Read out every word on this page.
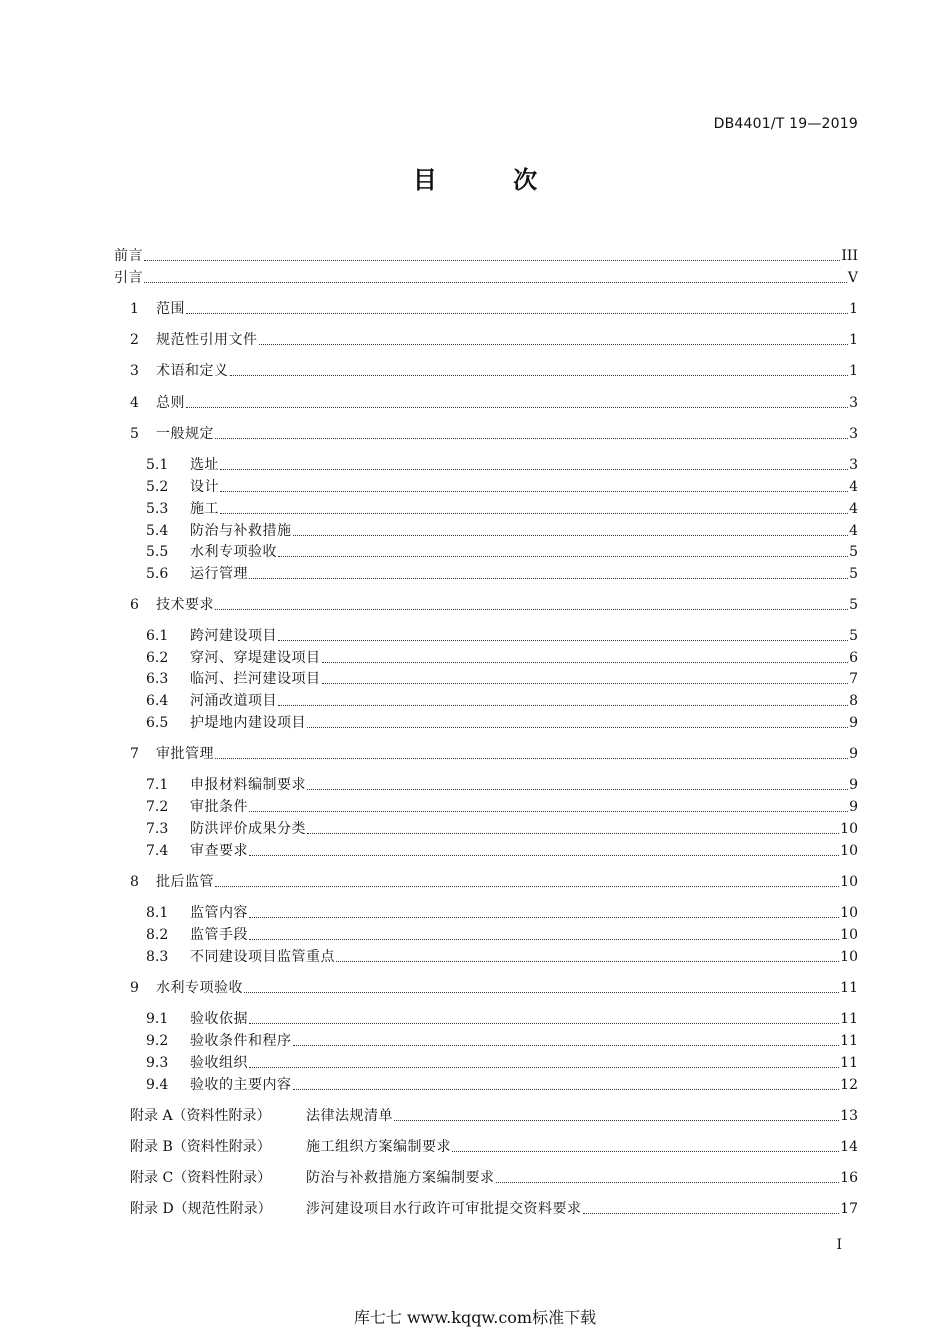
DB4401/T 19—2019
目 次
前言	III
引言	V
1	范围	1
2	规范性引用文件	1
3	术语和定义	1
4	总则	3
5	一般规定	3
5.1	选址	3
5.2	设计	4
5.3	施工	4
5.4	防治与补救措施	4
5.5	水利专项验收	5
5.6	运行管理	5
6	技术要求	5
6.1	跨河建设项目	5
6.2	穿河、穿堤建设项目	6
6.3	临河、拦河建设项目	7
6.4	河涌改道项目	8
6.5	护堤地内建设项目	9
7	审批管理	9
7.1	申报材料编制要求	9
7.2	审批条件	9
7.3	防洪评价成果分类	10
7.4	审查要求	10
8	批后监管	10
8.1	监管内容	10
8.2	监管手段	10
8.3	不同建设项目监管重点	10
9	水利专项验收	11
9.1	验收依据	11
9.2	验收条件和程序	11
9.3	验收组织	11
9.4	验收的主要内容	12
附录 A（资料性附录）	法律法规清单	13
附录 B（资料性附录）	施工组织方案编制要求	14
附录 C（资料性附录）	防治与补救措施方案编制要求	16
附录 D（规范性附录）	涉河建设项目水行政许可审批提交资料要求	17
I
库七七 www.kqqw.com标准下载
